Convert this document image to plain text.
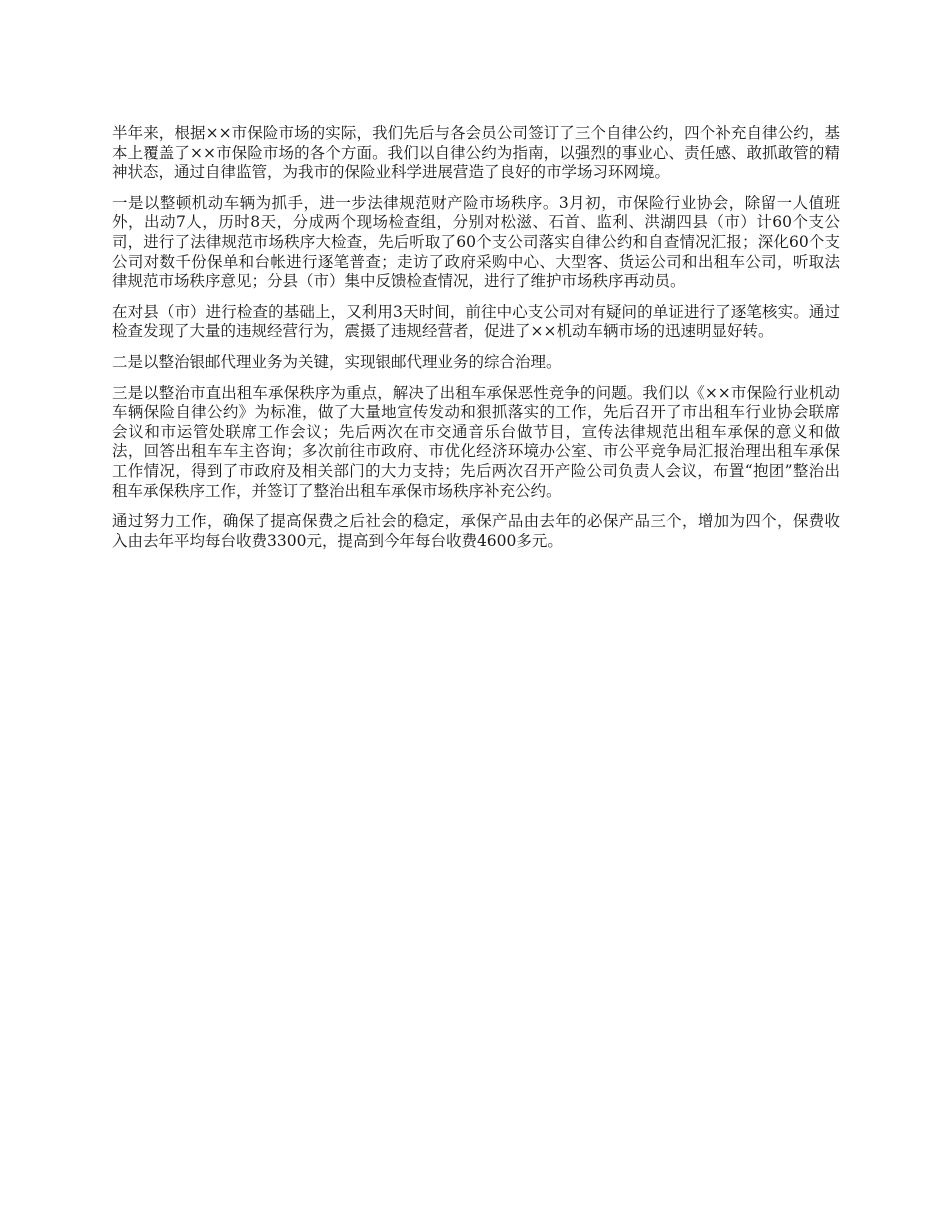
半年来，根据××市保险市场的实际，我们先后与各会员公司签订了三个自律公约，四个补充自律公约，基本上覆盖了××市保险市场的各个方面。我们以自律公约为指南，以强烈的事业心、责任感、敢抓敢管的精神状态，通过自律监管，为我市的保险业科学进展营造了良好的市学场习环网境。

一是以整顿机动车辆为抓手，进一步法律规范财产险市场秩序。3月初，市保险行业协会，除留一人值班外，出动7人，历时8天，分成两个现场检查组，分别对松滋、石首、监利、洪湖四县（市）计60个支公司，进行了法律规范市场秩序大检查，先后听取了60个支公司落实自律公约和自查情况汇报；深化60个支公司对数千份保单和台帐进行逐笔普查；走访了政府采购中心、大型客、货运公司和出租车公司，听取法律规范市场秩序意见；分县（市）集中反馈检查情况，进行了维护市场秩序再动员。

在对县（市）进行检查的基础上，又利用3天时间，前往中心支公司对有疑问的单证进行了逐笔核实。通过检查发现了大量的违规经营行为，震摄了违规经营者，促进了××机动车辆市场的迅速明显好转。

二是以整治银邮代理业务为关键，实现银邮代理业务的综合治理。

三是以整治市直出租车承保秩序为重点，解决了出租车承保恶性竞争的问题。我们以《××市保险行业机动车辆保险自律公约》为标准，做了大量地宣传发动和狠抓落实的工作，先后召开了市出租车行业协会联席会议和市运管处联席工作会议；先后两次在市交通音乐台做节目，宣传法律规范出租车承保的意义和做法，回答出租车车主咨询；多次前往市政府、市优化经济环境办公室、市公平竞争局汇报治理出租车承保工作情况，得到了市政府及相关部门的大力支持；先后两次召开产险公司负责人会议，布置“抱团”整治出租车承保秩序工作，并签订了整治出租车承保市场秩序补充公约。

通过努力工作，确保了提高保费之后社会的稳定，承保产品由去年的必保产品三个，增加为四个，保费收入由去年平均每台收费3300元，提高到今年每台收费4600多元。
